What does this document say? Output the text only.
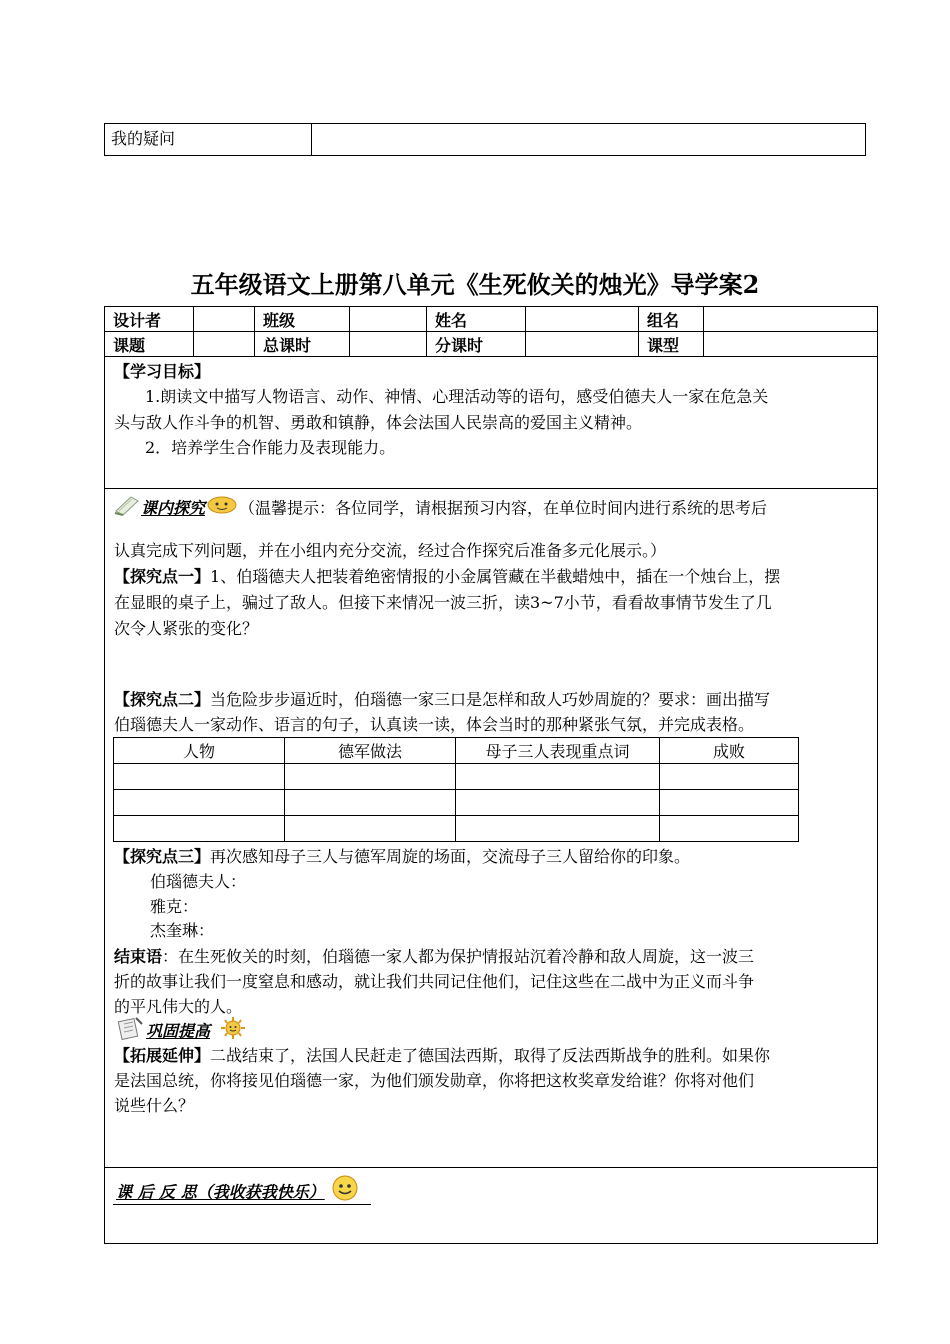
我的疑问	
五年级语文上册第八单元《生死攸关的烛光》导学案2
设计者		班级		姓名		组名	
课题		总课时		分课时		课型	
【学习目标】
1.朗读文中描写人物语言、动作、神情、心理活动等的语句，感受伯德夫人一家在危急关
头与敌人作斗争的机智、勇敢和镇静，体会法国人民崇高的爱国主义精神。
2．培养学生合作能力及表现能力。
课内探究 （温馨提示：各位同学，请根据预习内容，在单位时间内进行系统的思考后
认真完成下列问题，并在小组内充分交流，经过合作探究后准备多元化展示。）
【探究点一】1、伯瑙德夫人把装着绝密情报的小金属管藏在半截蜡烛中，插在一个烛台上，摆
在显眼的桌子上，骗过了敌人。但接下来情况一波三折，读3~7小节，看看故事情节发生了几
次令人紧张的变化？
【探究点二】当危险步步逼近时，伯瑙德一家三口是怎样和敌人巧妙周旋的？要求：画出描写
伯瑙德夫人一家动作、语言的句子，认真读一读，体会当时的那种紧张气氛，并完成表格。
人物	德军做法	母子三人表现重点词	成败

【探究点三】再次感知母子三人与德军周旋的场面，交流母子三人留给你的印象。
伯瑙德夫人：
雅克：
杰奎琳：
结束语：在生死攸关的时刻，伯瑙德一家人都为保护情报站沉着冷静和敌人周旋，这一波三
折的故事让我们一度窒息和感动，就让我们共同记住他们，记住这些在二战中为正义而斗争
的平凡伟大的人。
巩固提高
【拓展延伸】二战结束了，法国人民赶走了德国法西斯，取得了反法西斯战争的胜利。如果你
是法国总统，你将接见伯瑙德一家，为他们颁发勋章，你将把这枚奖章发给谁？你将对他们
说些什么？
课 后 反 思（我收获我快乐）
